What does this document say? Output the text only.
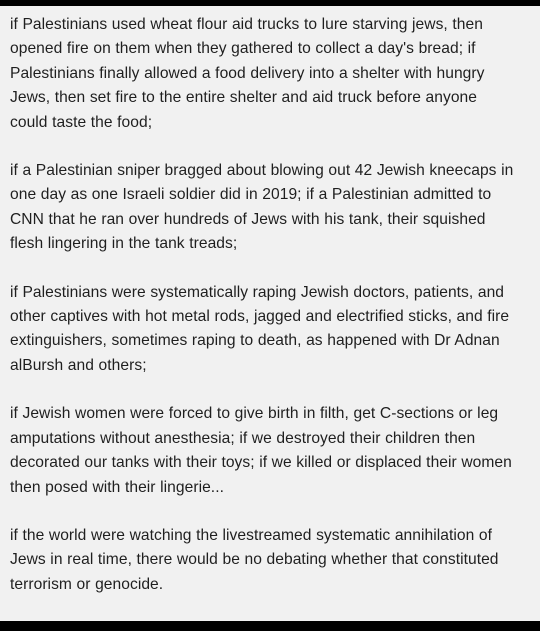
if Palestinians used wheat flour aid trucks to lure starving jews, then
opened fire on them when they gathered to collect a day's bread; if
Palestinians finally allowed a food delivery into a shelter with hungry
Jews, then set fire to the entire shelter and aid truck before anyone
could taste the food;

if a Palestinian sniper bragged about blowing out 42 Jewish kneecaps in
one day as one Israeli soldier did in 2019; if a Palestinian admitted to
CNN that he ran over hundreds of Jews with his tank, their squished
flesh lingering in the tank treads;

if Palestinians were systematically raping Jewish doctors, patients, and
other captives with hot metal rods, jagged and electrified sticks, and fire
extinguishers, sometimes raping to death, as happened with Dr Adnan
alBursh and others;

if Jewish women were forced to give birth in filth, get C-sections or leg
amputations without anesthesia; if we destroyed their children then
decorated our tanks with their toys; if we killed or displaced their women
then posed with their lingerie...

if the world were watching the livestreamed systematic annihilation of
Jews in real time, there would be no debating whether that constituted
terrorism or genocide.
